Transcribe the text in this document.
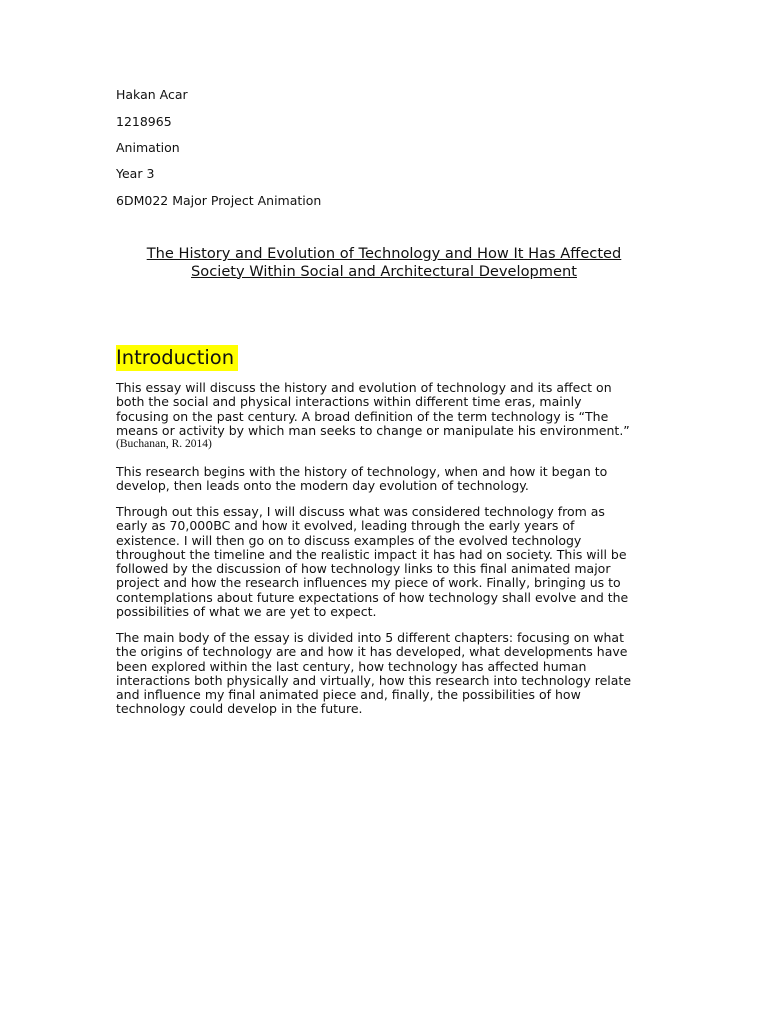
Hakan Acar
1218965
Animation
Year 3
6DM022 Major Project Animation
The History and Evolution of Technology and How It Has Affected
Society Within Social and Architectural Development
Introduction
This essay will discuss the history and evolution of technology and its affect on
both the social and physical interactions within different time eras, mainly
focusing on the past century. A broad definition of the term technology is “The
means or activity by which man seeks to change or manipulate his environment.”
(Buchanan, R. 2014)
This research begins with the history of technology, when and how it began to
develop, then leads onto the modern day evolution of technology.
Through out this essay, I will discuss what was considered technology from as
early as 70,000BC and how it evolved, leading through the early years of
existence. I will then go on to discuss examples of the evolved technology
throughout the timeline and the realistic impact it has had on society. This will be
followed by the discussion of how technology links to this final animated major
project and how the research influences my piece of work. Finally, bringing us to
contemplations about future expectations of how technology shall evolve and the
possibilities of what we are yet to expect.
The main body of the essay is divided into 5 different chapters: focusing on what
the origins of technology are and how it has developed, what developments have
been explored within the last century, how technology has affected human
interactions both physically and virtually, how this research into technology relate
and influence my final animated piece and, finally, the possibilities of how
technology could develop in the future.
